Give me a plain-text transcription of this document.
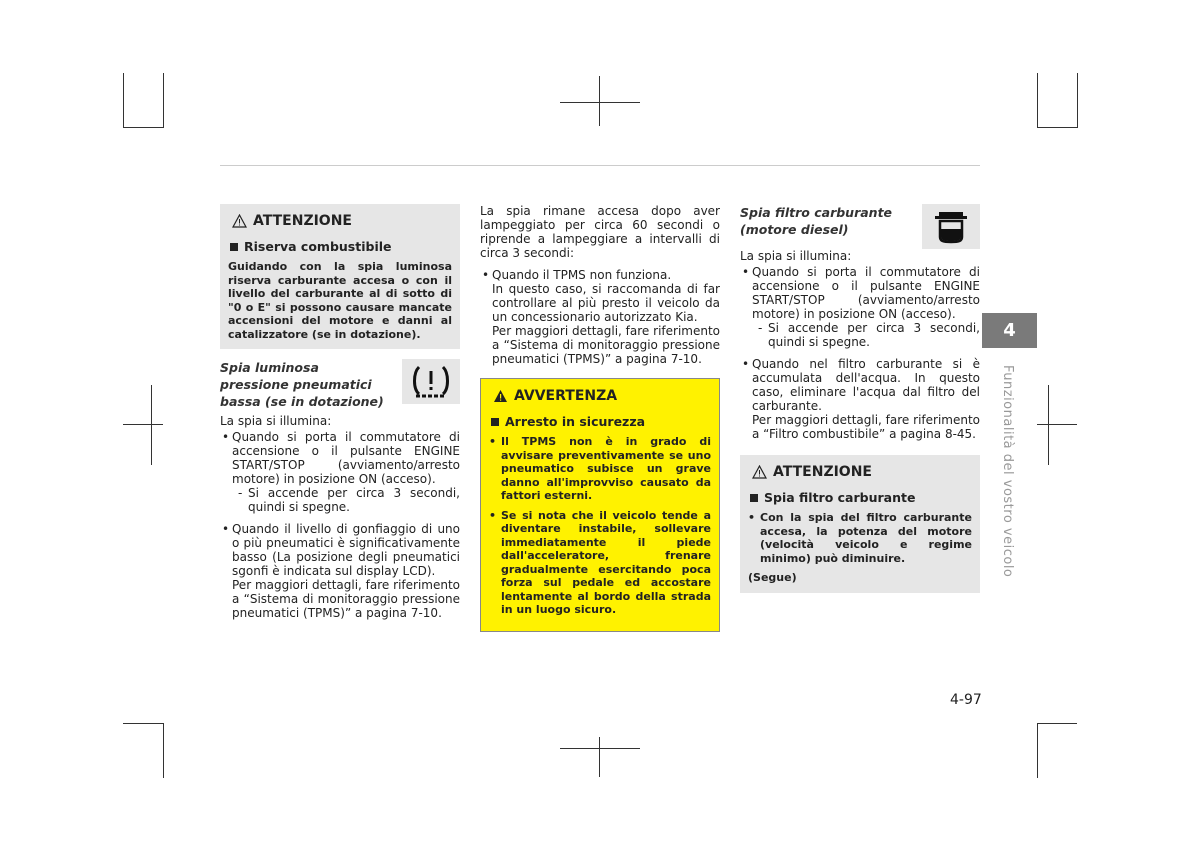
ATTENZIONE
Riserva combustibile

Guidando con la spia luminosa riserva carburante accesa o con il livello del carburante al di sotto di "0 o E" si possono causare mancate accensioni del motore e danni al catalizzatore (se in dotazione).

Spia luminosa pressione pneumatici bassa (se in dotazione)

La spia si illumina:

• Quando si porta il commutatore di accensione o il pulsante ENGINE START/STOP (avviamento/arresto motore) in posizione ON (acceso).
- Si accende per circa 3 secondi, quindi si spegne.
• Quando il livello di gonfiaggio di uno o più pneumatici è significativamente basso (La posizione degli pneumatici sgonfi è indicata sul display LCD).

Per maggiori dettagli, fare riferimento a “Sistema di monitoraggio pressione pneumatici (TPMS)” a pagina 7-10.

La spia rimane accesa dopo aver lampeggiato per circa 60 secondi o riprende a lampeggiare a intervalli di circa 3 secondi:

• Quando il TPMS non funziona.

In questo caso, si raccomanda di far controllare al più presto il veicolo da un concessionario autorizzato Kia.

Per maggiori dettagli, fare riferimento a “Sistema di monitoraggio pressione pneumatici (TPMS)” a pagina 7-10.

AVVERTENZA
Arresto in sicurezza
• Il TPMS non è in grado di avvisare preventivamente se uno pneumatico subisce un grave danno all'improvviso causato da fattori esterni.
• Se si nota che il veicolo tende a diventare instabile, sollevare immediatamente il piede dall'acceleratore, frenare gradualmente esercitando poca forza sul pedale ed accostare lentamente al bordo della strada in un luogo sicuro.
Spia filtro carburante (motore diesel)

La spia si illumina:

• Quando si porta il commutatore di accensione o il pulsante ENGINE START/STOP (avviamento/arresto motore) in posizione ON (acceso).
- Si accende per circa 3 secondi, quindi si spegne.
• Quando nel filtro carburante si è accumulata dell'acqua. In questo caso, eliminare l'acqua dal filtro del carburante.

Per maggiori dettagli, fare riferimento a “Filtro combustibile” a pagina 8-45.

ATTENZIONE
Spia filtro carburante
• Con la spia del filtro carburante accesa, la potenza del motore (velocità veicolo e regime minimo) può diminuire.

(Segue)

4
Funzionalità del vostro veicolo
4-97
